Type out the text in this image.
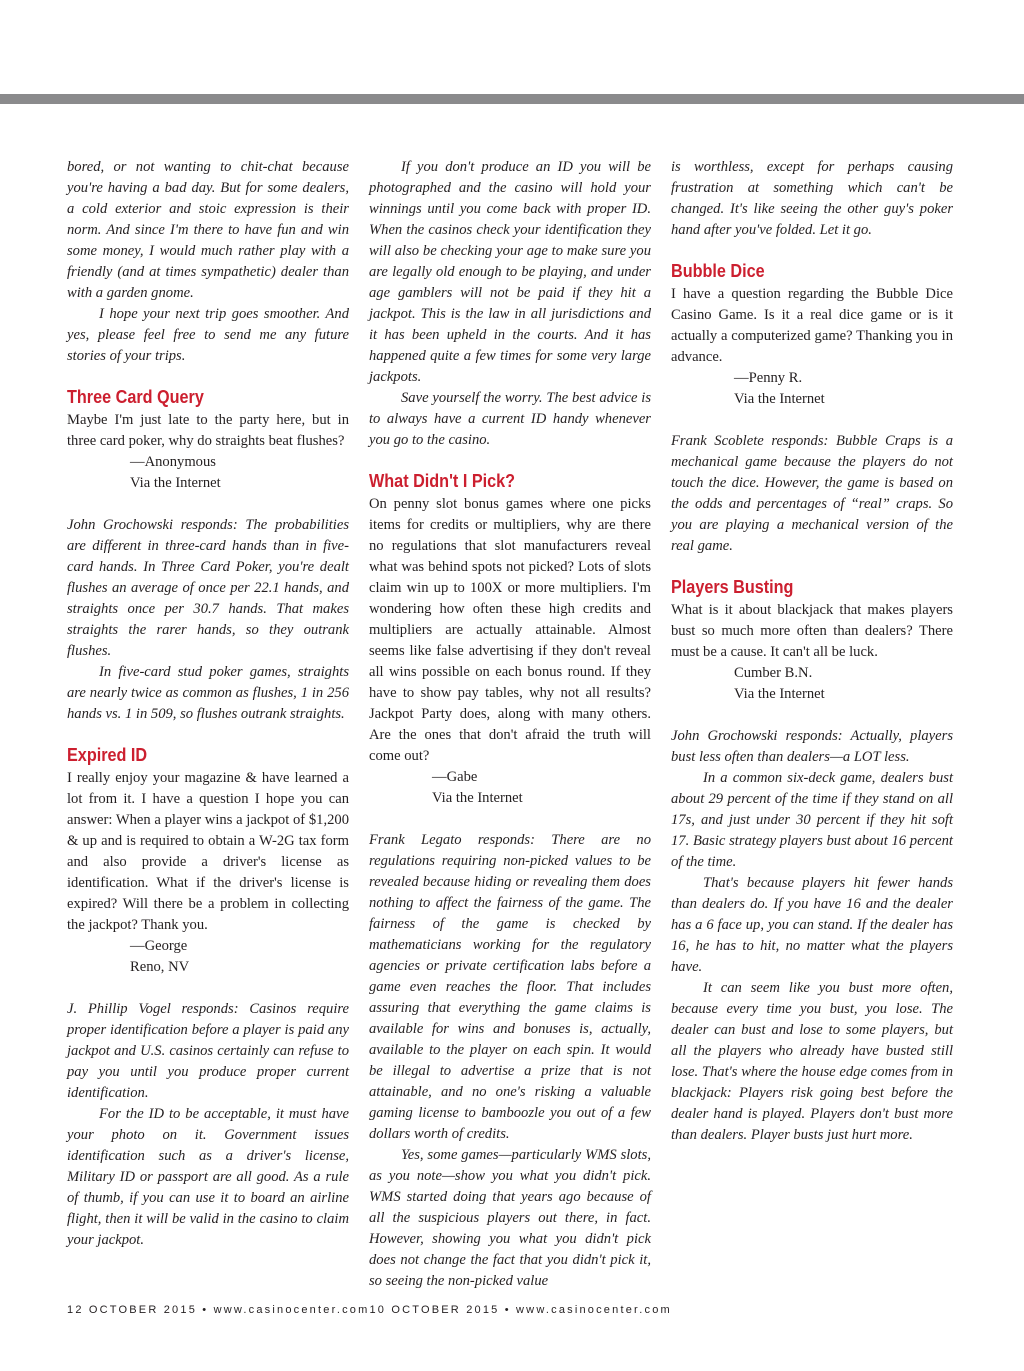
bored, or not wanting to chit-chat because you're having a bad day. But for some dealers, a cold exterior and stoic expression is their norm. And since I'm there to have fun and win some money, I would much rather play with a friendly (and at times sympathetic) dealer than with a garden gnome.

I hope your next trip goes smoother. And yes, please feel free to send me any future stories of your trips.

Three Card Query

Maybe I'm just late to the party here, but in three card poker, why do straights beat flushes?

—Anonymous

Via the Internet

John Grochowski responds: The probabilities are different in three-card hands than in five-card hands. In Three Card Poker, you're dealt flushes an average of once per 22.1 hands, and straights once per 30.7 hands. That makes straights the rarer hands, so they outrank flushes.

In five-card stud poker games, straights are nearly twice as common as flushes, 1 in 256 hands vs. 1 in 509, so flushes outrank straights.

Expired ID

I really enjoy your magazine & have learned a lot from it. I have a question I hope you can answer: When a player wins a jackpot of $1,200 & up and is required to obtain a W-2G tax form and also provide a driver's license as identification. What if the driver's license is expired? Will there be a problem in collecting the jackpot? Thank you.

—George

Reno, NV

J. Phillip Vogel responds: Casinos require proper identification before a player is paid any jackpot and U.S. casinos certainly can refuse to pay you until you produce proper current identification.

For the ID to be acceptable, it must have your photo on it. Government issues identification such as a driver's license, Military ID or passport are all good. As a rule of thumb, if you can use it to board an airline flight, then it will be valid in the casino to claim your jackpot.

If you don't produce an ID you will be photographed and the casino will hold your winnings until you come back with proper ID. When the casinos check your identification they will also be checking your age to make sure you are legally old enough to be playing, and under age gamblers will not be paid if they hit a jackpot. This is the law in all jurisdictions and it has been upheld in the courts. And it has happened quite a few times for some very large jackpots.

Save yourself the worry. The best advice is to always have a current ID handy whenever you go to the casino.

What Didn't I Pick?

On penny slot bonus games where one picks items for credits or multipliers, why are there no regulations that slot manufacturers reveal what was behind spots not picked? Lots of slots claim win up to 100X or more multipliers. I'm wondering how often these high credits and multipliers are actually attainable. Almost seems like false advertising if they don't reveal all wins possible on each bonus round. If they have to show pay tables, why not all results? Jackpot Party does, along with many others. Are the ones that don't afraid the truth will come out?

—Gabe

Via the Internet

Frank Legato responds: There are no regulations requiring non-picked values to be revealed because hiding or revealing them does nothing to affect the fairness of the game. The fairness of the game is checked by mathematicians working for the regulatory agencies or private certification labs before a game even reaches the floor. That includes assuring that everything the game claims is available for wins and bonuses is, actually, available to the player on each spin. It would be illegal to advertise a prize that is not attainable, and no one's risking a valuable gaming license to bamboozle you out of a few dollars worth of credits.

Yes, some games—particularly WMS slots, as you note—show you what you didn't pick. WMS started doing that years ago because of all the suspicious players out there, in fact. However, showing you what you didn't pick does not change the fact that you didn't pick it, so seeing the non-picked value

is worthless, except for perhaps causing frustration at something which can't be changed. It's like seeing the other guy's poker hand after you've folded. Let it go.

Bubble Dice

I have a question regarding the Bubble Dice Casino Game. Is it a real dice game or is it actually a computerized game? Thanking you in advance.

—Penny R.

Via the Internet

Frank Scoblete responds: Bubble Craps is a mechanical game because the players do not touch the dice. However, the game is based on the odds and percentages of “real” craps. So you are playing a mechanical version of the real game.

Players Busting

What is it about blackjack that makes players bust so much more often than dealers? There must be a cause. It can't all be luck.

Cumber B.N.

Via the Internet

John Grochowski responds: Actually, players bust less often than dealers—a LOT less.

In a common six-deck game, dealers bust about 29 percent of the time if they stand on all 17s, and just under 30 percent if they hit soft 17. Basic strategy players bust about 16 percent of the time.

That's because players hit fewer hands than dealers do. If you have 16 and the dealer has a 6 face up, you can stand. If the dealer has 16, he has to hit, no matter what the players have.

It can seem like you bust more often, because every time you bust, you lose. The dealer can bust and lose to some players, but all the players who already have busted still lose. That's where the house edge comes from in blackjack: Players risk going best before the dealer hand is played. Players don't bust more than dealers. Player busts just hurt more.

12 OCTOBER 2015 • www.casinocenter.com10 OCTOBER 2015 • www.casinocenter.com
